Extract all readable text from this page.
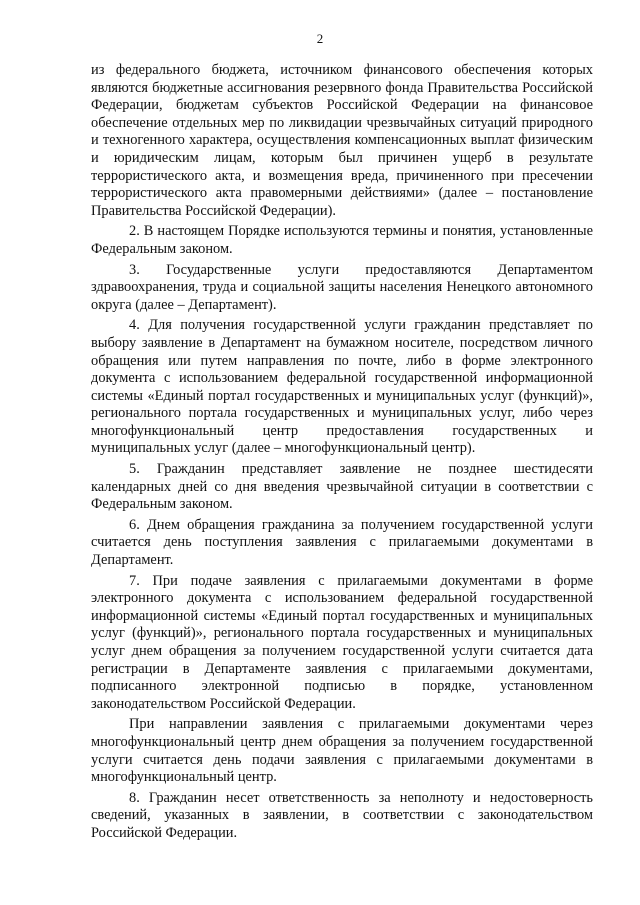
2

из федерального бюджета, источником финансового обеспечения которых являются бюджетные ассигнования резервного фонда Правительства Российской Федерации, бюджетам субъектов Российской Федерации на финансовое обеспечение отдельных мер по ликвидации чрезвычайных ситуаций природного и техногенного характера, осуществления компенсационных выплат физическим и юридическим лицам, которым был причинен ущерб в результате террористического акта, и возмещения вреда, причиненного при пресечении террористического акта правомерными действиями» (далее – постановление Правительства Российской Федерации).

2. В настоящем Порядке используются термины и понятия, установленные Федеральным законом.

3. Государственные услуги предоставляются Департаментом здравоохранения, труда и социальной защиты населения Ненецкого автономного округа (далее – Департамент).

4. Для получения государственной услуги гражданин представляет по выбору заявление в Департамент на бумажном носителе, посредством личного обращения или путем направления по почте, либо в форме электронного документа с использованием федеральной государственной информационной системы «Единый портал государственных и муниципальных услуг (функций)», регионального портала государственных и муниципальных услуг, либо через многофункциональный центр предоставления государственных и муниципальных услуг (далее – многофункциональный центр).

5. Гражданин представляет заявление не позднее шестидесяти календарных дней со дня введения чрезвычайной ситуации в соответствии с Федеральным законом.

6. Днем обращения гражданина за получением государственной услуги считается день поступления заявления с прилагаемыми документами в Департамент.

7. При подаче заявления с прилагаемыми документами в форме электронного документа с использованием федеральной государственной информационной системы «Единый портал государственных и муниципальных услуг (функций)», регионального портала государственных и муниципальных услуг днем обращения за получением государственной услуги считается дата регистрации в Департаменте заявления с прилагаемыми документами, подписанного электронной подписью в порядке, установленном законодательством Российской Федерации.

При направлении заявления с прилагаемыми документами через многофункциональный центр днем обращения за получением государственной услуги считается день подачи заявления с прилагаемыми документами в многофункциональный центр.

8. Гражданин несет ответственность за неполноту и недостоверность сведений, указанных в заявлении, в соответствии с законодательством Российской Федерации.
